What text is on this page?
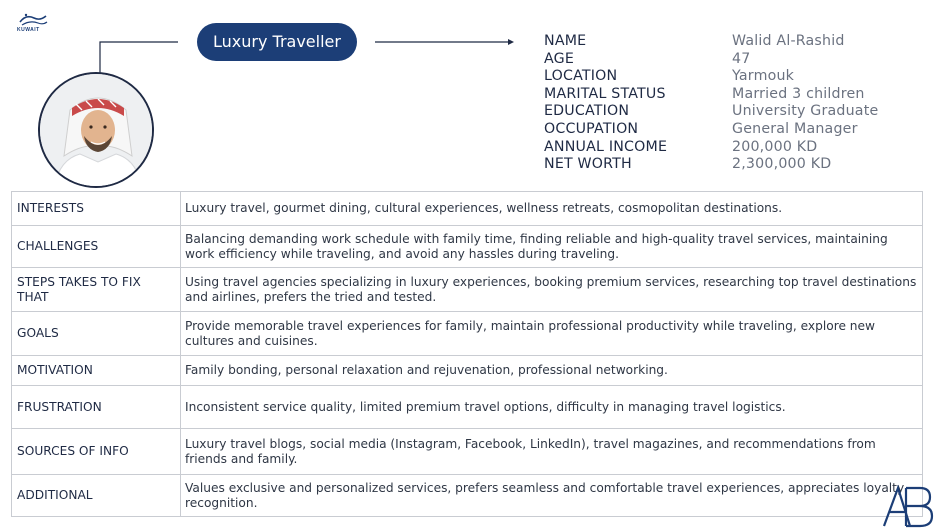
KUWAIT
Luxury Traveller	NAME	Walid Al-Rashid
AGE	47
LOCATION	Yarmouk
MARITAL STATUS	Married 3 children
EDUCATION	University Graduate
OCCUPATION	General Manager
ANNUAL INCOME	200,000 KD
NET WORTH	2,300,000 KD
INTERESTS	Luxury travel, gourmet dining, cultural experiences, wellness retreats, cosmopolitan destinations.
CHALLENGES	Balancing demanding work schedule with family time, finding reliable and high-quality travel services, maintaining work efficiency while traveling, and avoid any hassles during traveling.
STEPS TAKES TO FIX THAT	Using travel agencies specializing in luxury experiences, booking premium services, researching top travel destinations and airlines, prefers the tried and tested.
GOALS	Provide memorable travel experiences for family, maintain professional productivity while traveling, explore new cultures and cuisines.
MOTIVATION	Family bonding, personal relaxation and rejuvenation, professional networking.
FRUSTRATION	Inconsistent service quality, limited premium travel options, difficulty in managing travel logistics.
SOURCES OF INFO	Luxury travel blogs, social media (Instagram, Facebook, LinkedIn), travel magazines, and recommendations from friends and family.
ADDITIONAL	Values exclusive and personalized services, prefers seamless and comfortable travel experiences, appreciates loyalty recognition.
